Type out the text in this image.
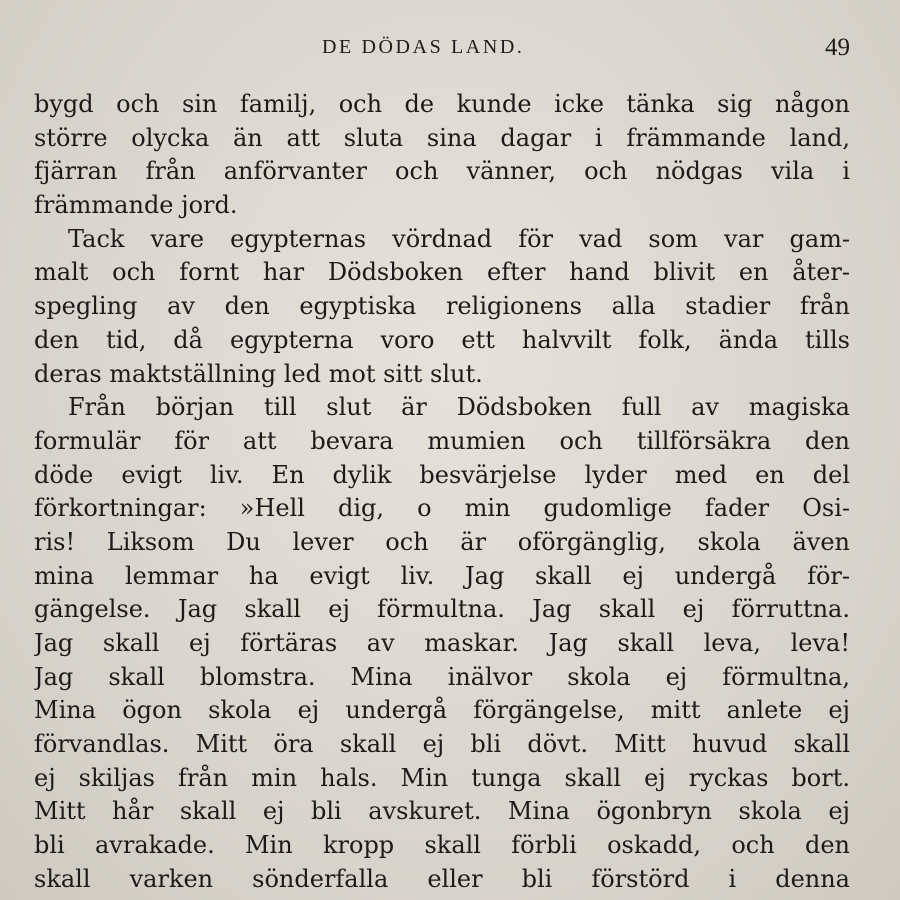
DE DÖDAS LAND.	49
bygd och sin familj, och de kunde icke tänka sig någon
större olycka än att sluta sina dagar i främmande land,
fjärran från anförvanter och vänner, och nödgas vila i
främmande jord.
Tack vare egypternas vördnad för vad som var gam-
malt och fornt har Dödsboken efter hand blivit en åter-
spegling av den egyptiska religionens alla stadier från
den tid, då egypterna voro ett halvvilt folk, ända tills
deras maktställning led mot sitt slut.
Från början till slut är Dödsboken full av magiska
formulär för att bevara mumien och tillförsäkra den
döde evigt liv. En dylik besvärjelse lyder med en del
förkortningar: »Hell dig, o min gudomlige fader Osi-
ris! Liksom Du lever och är oförgänglig, skola även
mina lemmar ha evigt liv. Jag skall ej undergå för-
gängelse. Jag skall ej förmultna. Jag skall ej förruttna.
Jag skall ej förtäras av maskar. Jag skall leva, leva!
Jag skall blomstra. Mina inälvor skola ej förmultna,
Mina ögon skola ej undergå förgängelse, mitt anlete ej
förvandlas. Mitt öra skall ej bli dövt. Mitt huvud skall
ej skiljas från min hals. Min tunga skall ej ryckas bort.
Mitt hår skall ej bli avskuret. Mina ögonbryn skola ej
bli avrakade. Min kropp skall förbli oskadd, och den
skall varken sönderfalla eller bli förstörd i denna
